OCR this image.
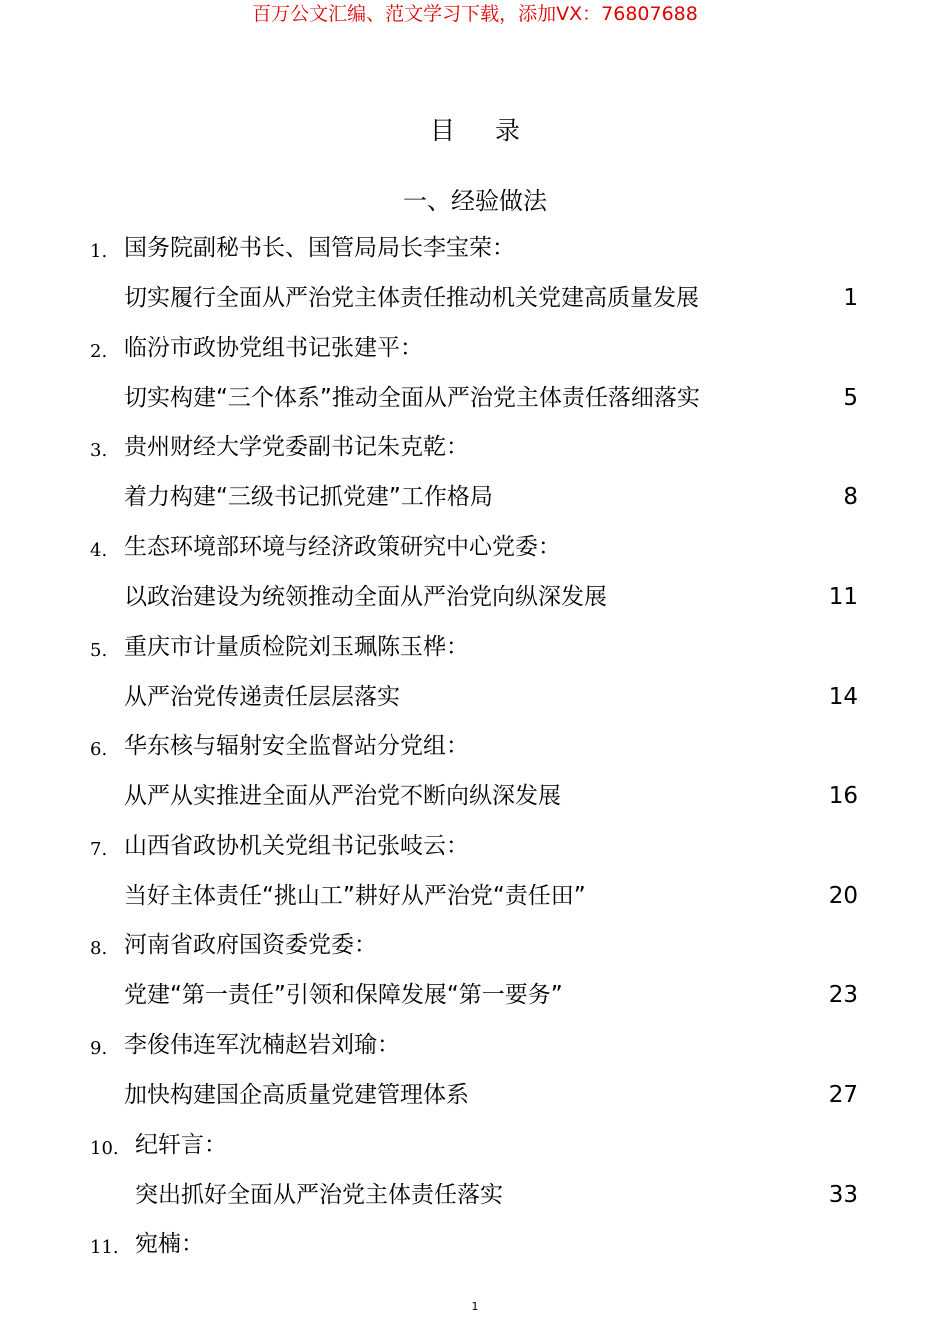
百万公文汇编、范文学习下载，添加VX：76807688
目 录
一、经验做法
1. 国务院副秘书长、国管局局长李宝荣：
切实履行全面从严治党主体责任推动机关党建高质量发展	1
2. 临汾市政协党组书记张建平：
切实构建“三个体系”推动全面从严治党主体责任落细落实	5
3. 贵州财经大学党委副书记朱克乾：
着力构建“三级书记抓党建”工作格局	8
4. 生态环境部环境与经济政策研究中心党委：
以政治建设为统领推动全面从严治党向纵深发展	11
5. 重庆市计量质检院刘玉珮陈玉桦：
从严治党传递责任层层落实	14
6. 华东核与辐射安全监督站分党组：
从严从实推进全面从严治党不断向纵深发展	16
7. 山西省政协机关党组书记张岐云：
当好主体责任“挑山工”耕好从严治党“责任田”	20
8. 河南省政府国资委党委：
党建“第一责任”引领和保障发展“第一要务”	23
9. 李俊伟连军沈楠赵岩刘瑜：
加快构建国企高质量党建管理体系	27
10. 纪轩言：
突出抓好全面从严治党主体责任落实	33
11. 宛楠：
1
